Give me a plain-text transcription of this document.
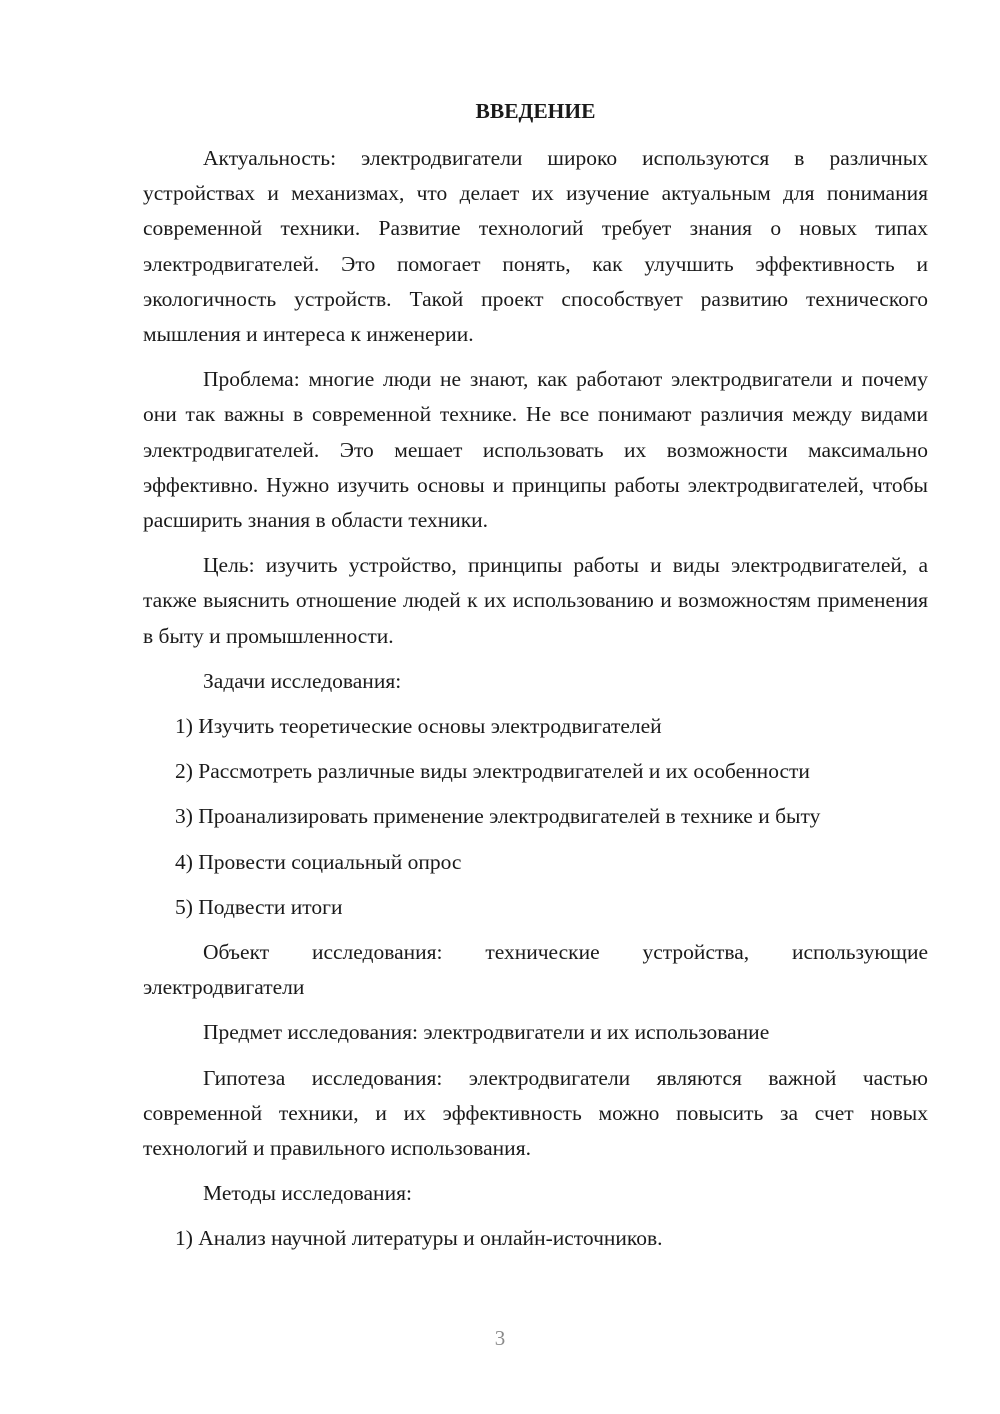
ВВЕДЕНИЕ

Актуальность: электродвигатели широко используются в различных устройствах и механизмах, что делает их изучение актуальным для понимания современной техники. Развитие технологий требует знания о новых типах электродвигателей. Это помогает понять, как улучшить эффективность и экологичность устройств. Такой проект способствует развитию технического мышления и интереса к инженерии.

Проблема: многие люди не знают, как работают электродвигатели и почему они так важны в современной технике. Не все понимают различия между видами электродвигателей. Это мешает использовать их возможности максимально эффективно. Нужно изучить основы и принципы работы электродвигателей, чтобы расширить знания в области техники.

Цель: изучить устройство, принципы работы и виды электродвигателей, а также выяснить отношение людей к их использованию и возможностям применения в быту и промышленности.

Задачи исследования:

1) Изучить теоретические основы электродвигателей
2) Рассмотреть различные виды электродвигателей и их особенности
3) Проанализировать применение электродвигателей в технике и быту
4) Провести социальный опрос
5) Подвести итоги

Объект исследования: технические устройства, использующие электродвигатели

Предмет исследования: электродвигатели и их использование

Гипотеза исследования: электродвигатели являются важной частью современной техники, и их эффективность можно повысить за счет новых технологий и правильного использования.

Методы исследования:

1) Анализ научной литературы и онлайн-источников.
3
